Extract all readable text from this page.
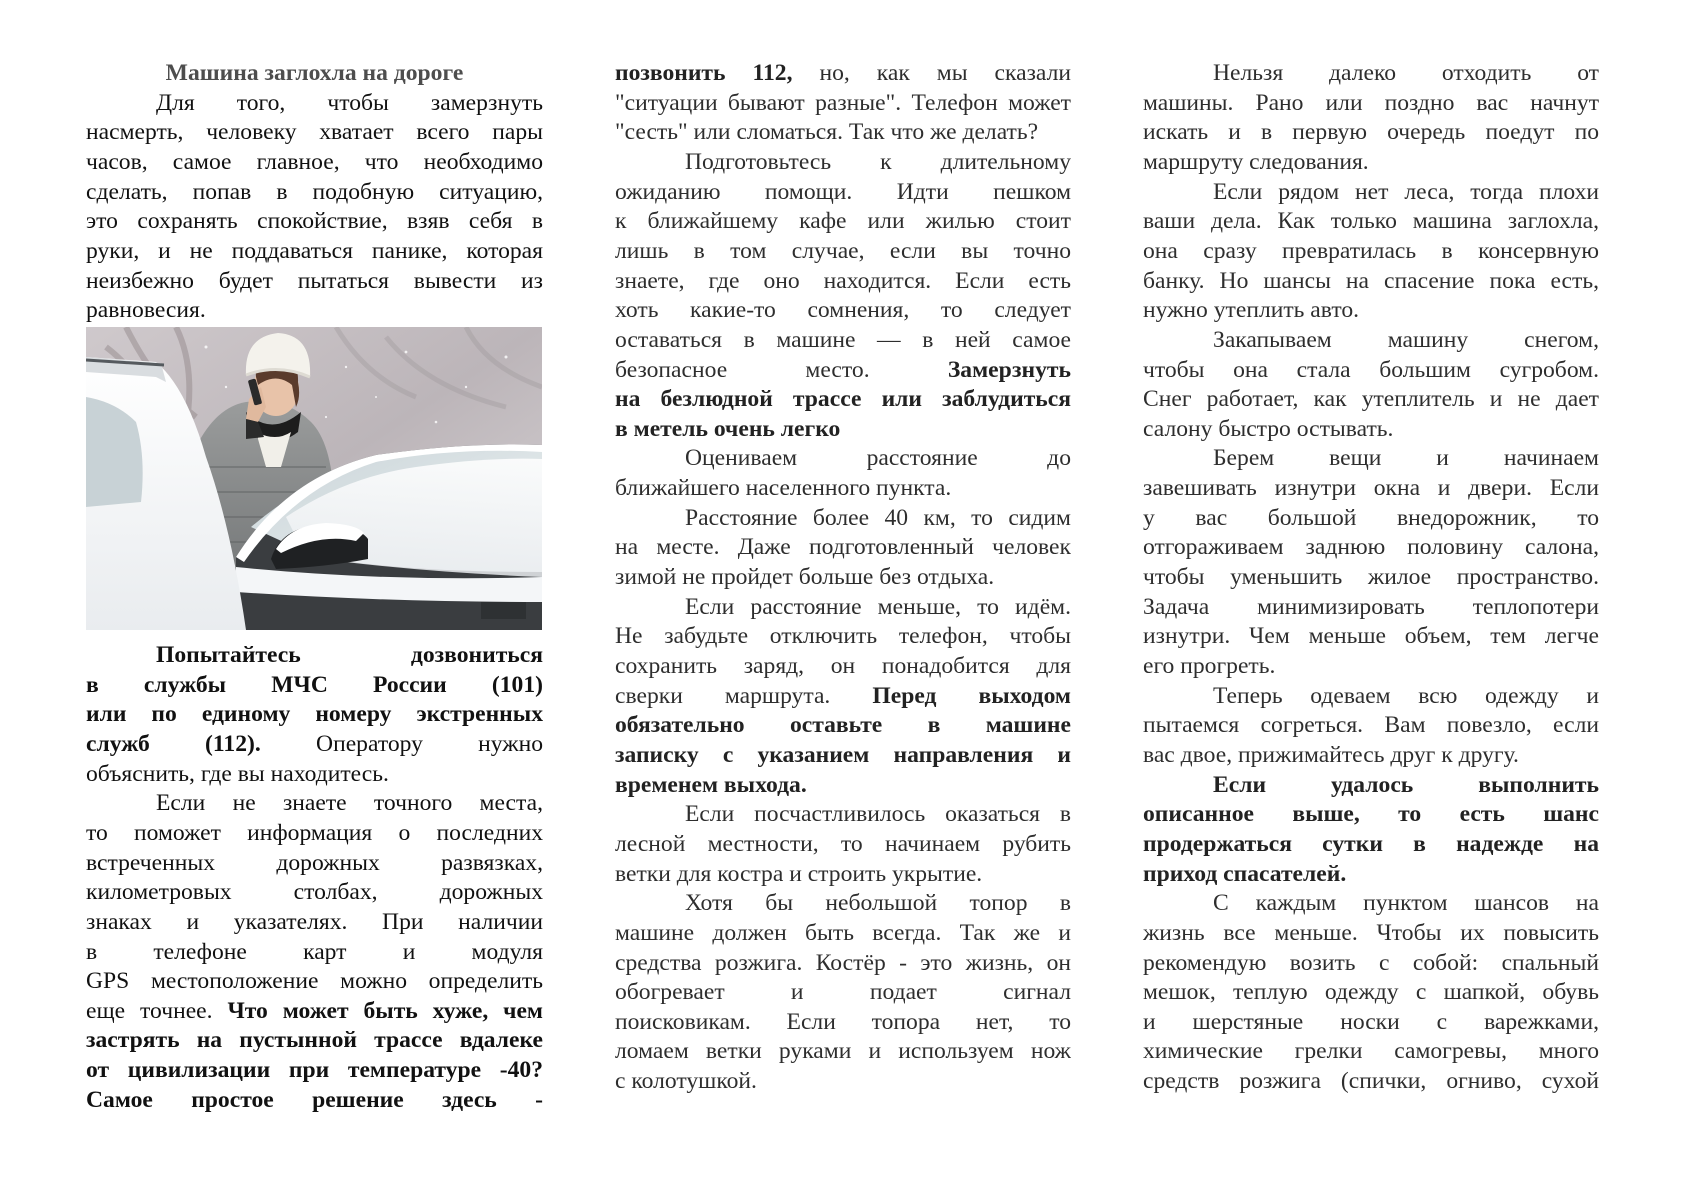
Машина заглохла на дороге
Для того, чтобы замерзнуть
насмерть, человеку хватает всего пары
часов, самое главное, что необходимо
сделать, попав в подобную ситуацию,
это сохранять спокойствие, взяв себя в
руки, и не поддаваться панике, которая
неизбежно будет пытаться вывести из
равновесия.
Попытайтесь дозвониться
в службы МЧС России (101)
или по единому номеру экстренных
служб (112). Оператору нужно
объяснить, где вы находитесь.
Если не знаете точного места,
то поможет информация о последних
встреченных дорожных развязках,
километровых столбах, дорожных
знаках и указателях. При наличии
в телефоне карт и модуля
GPS местоположение можно определить
еще точнее. Что может быть хуже, чем
застрять на пустынной трассе вдалеке
от цивилизации при температуре -40?
Самое простое решение здесь -
позвонить 112, но, как мы сказали
"ситуации бывают разные". Телефон может
"сесть" или сломаться. Так что же делать?
Подготовьтесь к длительному
ожиданию помощи. Идти пешком
к ближайшему кафе или жилью стоит
лишь в том случае, если вы точно
знаете, где оно находится. Если есть
хоть какие-то сомнения, то следует
оставаться в машине — в ней самое
безопасное место. Замерзнуть
на безлюдной трассе или заблудиться
в метель очень легко
Оцениваем расстояние до
ближайшего населенного пункта.
Расстояние более 40 км, то сидим
на месте. Даже подготовленный человек
зимой не пройдет больше без отдыха.
Если расстояние меньше, то идём.
Не забудьте отключить телефон, чтобы
сохранить заряд, он понадобится для
сверки маршрута. Перед выходом
обязательно оставьте в машине
записку с указанием направления и
временем выхода.
Если посчастливилось оказаться в
лесной местности, то начинаем рубить
ветки для костра и строить укрытие.
Хотя бы небольшой топор в
машине должен быть всегда. Так же и
средства розжига. Костёр - это жизнь, он
обогревает и подает сигнал
поисковикам. Если топора нет, то
ломаем ветки руками и используем нож
с колотушкой.
Нельзя далеко отходить от
машины. Рано или поздно вас начнут
искать и в первую очередь поедут по
маршруту следования.
Если рядом нет леса, тогда плохи
ваши дела. Как только машина заглохла,
она сразу превратилась в консервную
банку. Но шансы на спасение пока есть,
нужно утеплить авто.
Закапываем машину снегом,
чтобы она стала большим сугробом.
Снег работает, как утеплитель и не дает
салону быстро остывать.
Берем вещи и начинаем
завешивать изнутри окна и двери. Если
у вас большой внедорожник, то
отгораживаем заднюю половину салона,
чтобы уменьшить жилое пространство.
Задача минимизировать теплопотери
изнутри. Чем меньше объем, тем легче
его прогреть.
Теперь одеваем всю одежду и
пытаемся согреться. Вам повезло, если
вас двое, прижимайтесь друг к другу.
Если удалось выполнить
описанное выше, то есть шанс
продержаться сутки в надежде на
приход спасателей.
С каждым пунктом шансов на
жизнь все меньше. Чтобы их повысить
рекомендую возить с собой: спальный
мешок, теплую одежду с шапкой, обувь
и шерстяные носки с варежками,
химические грелки самогревы, много
средств розжига (спички, огниво, сухой
